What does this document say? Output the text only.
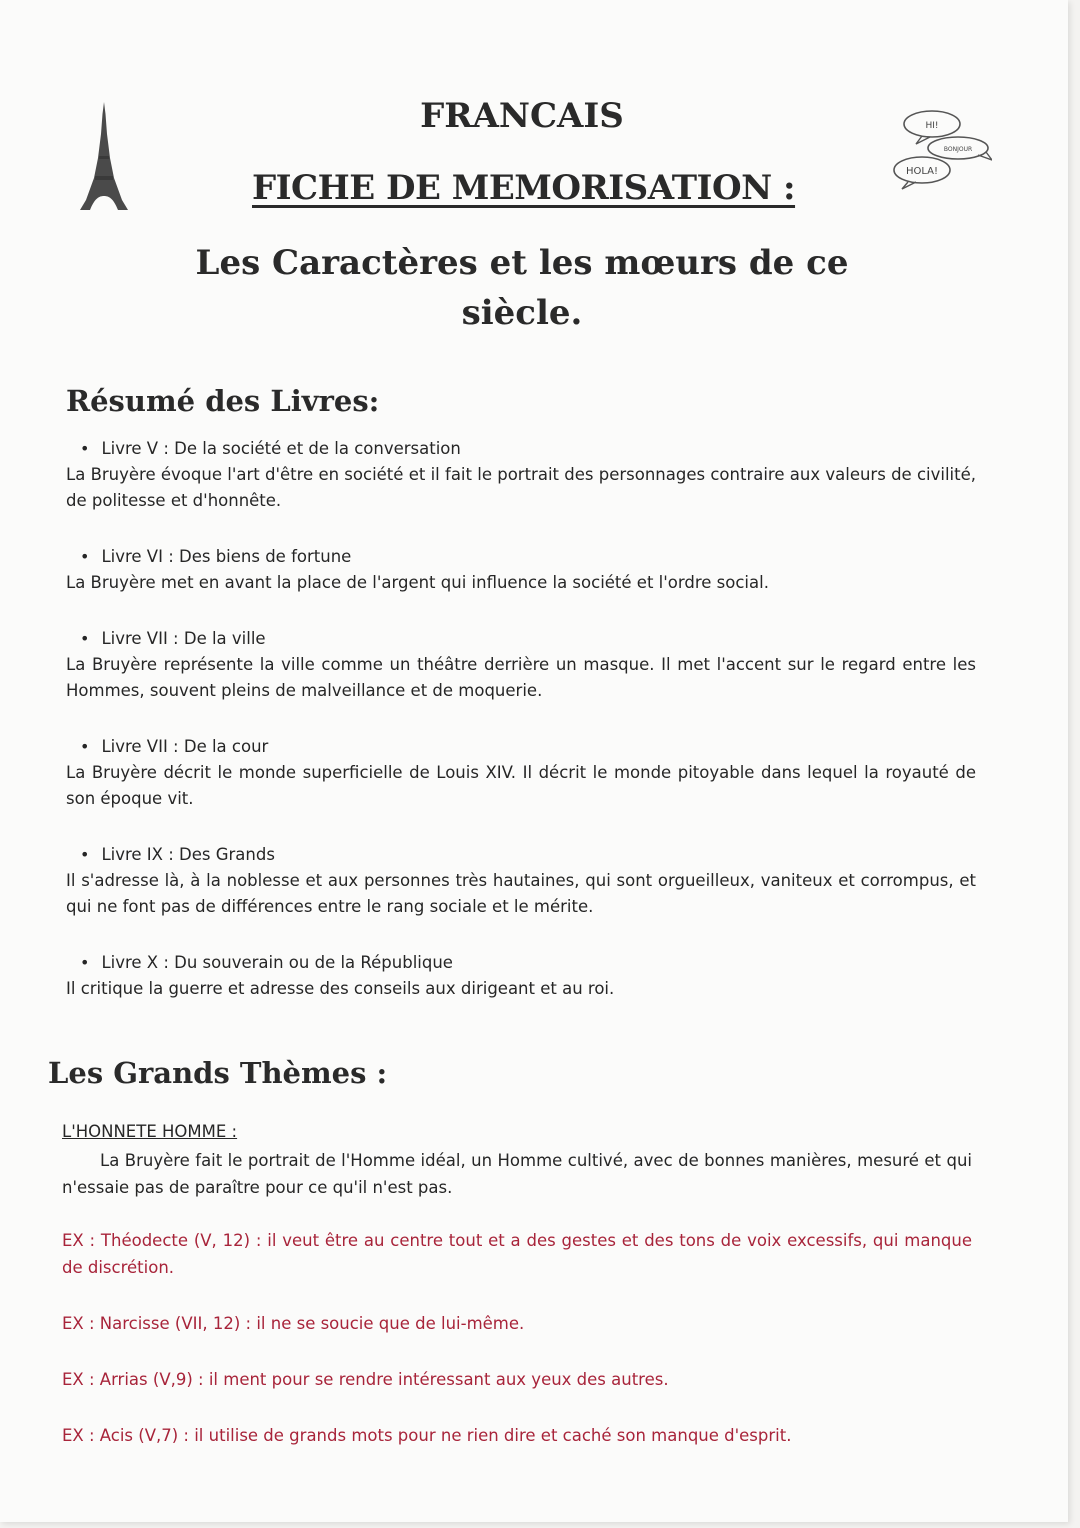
HI!
BONJOUR
HOLA!
FRANCAIS
FICHE DE MEMORISATION :
Les Caractères et les mœurs de ce siècle.
Résumé des Livres:
• Livre V : De la société et de la conversation
La Bruyère évoque l'art d'être en société et il fait le portrait des personnages contraire aux valeurs de civilité, de politesse et d'honnête.
• Livre VI : Des biens de fortune
La Bruyère met en avant la place de l'argent qui influence la société et l'ordre social.
• Livre VII : De la ville
La Bruyère représente la ville comme un théâtre derrière un masque. Il met l'accent sur le regard entre les Hommes, souvent pleins de malveillance et de moquerie.
• Livre VII : De la cour
La Bruyère décrit le monde superficielle de Louis XIV. Il décrit le monde pitoyable dans lequel la royauté de son époque vit.
• Livre IX : Des Grands
Il s'adresse là, à la noblesse et aux personnes très hautaines, qui sont orgueilleux, vaniteux et corrompus, et qui ne font pas de différences entre le rang sociale et le mérite.
• Livre X : Du souverain ou de la République
Il critique la guerre et adresse des conseils aux dirigeant et au roi.
Les Grands Thèmes :
L'HONNETE HOMME :
La Bruyère fait le portrait de l'Homme idéal, un Homme cultivé, avec de bonnes manières, mesuré et qui n'essaie pas de paraître pour ce qu'il n'est pas.
EX : Théodecte (V, 12) : il veut être au centre tout et a des gestes et des tons de voix excessifs, qui manque de discrétion.
EX : Narcisse (VII, 12) : il ne se soucie que de lui-même.
EX : Arrias (V,9) : il ment pour se rendre intéressant aux yeux des autres.
EX : Acis (V,7) : il utilise de grands mots pour ne rien dire et caché son manque d'esprit.
